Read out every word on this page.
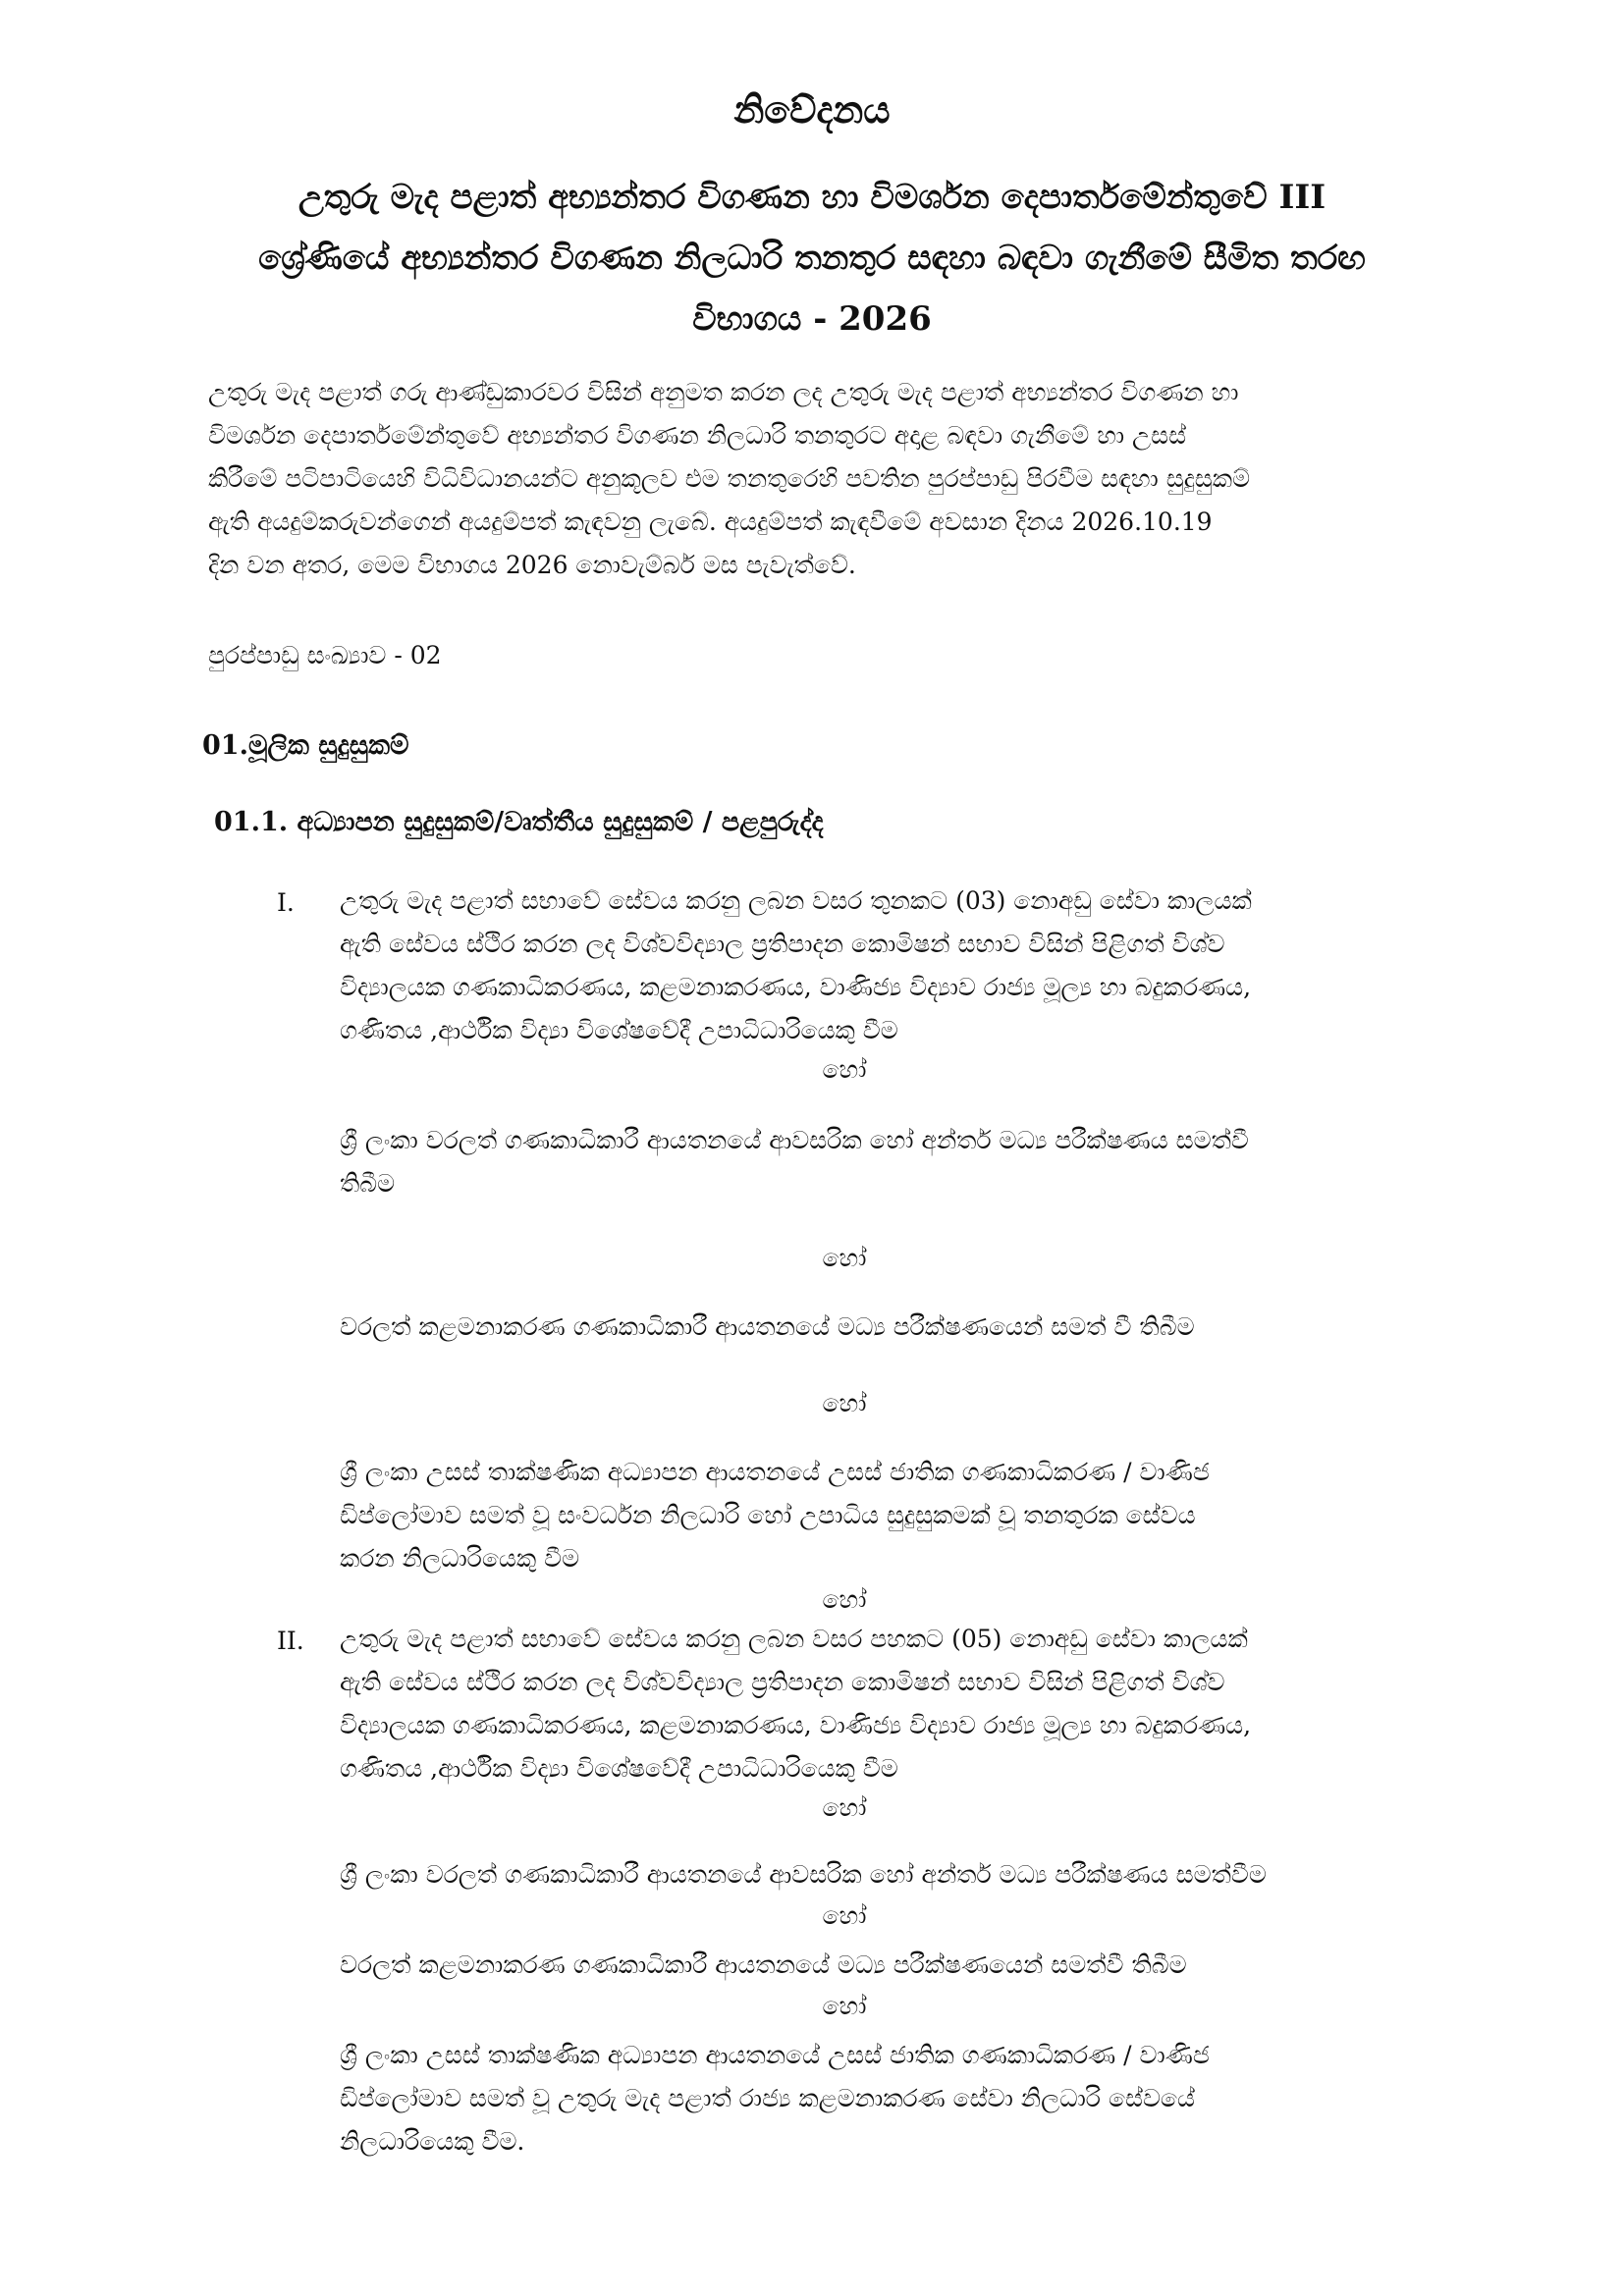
නිවේදනය
උතුරු මැද පළාත් අභ්‍යන්තර විගණන හා විමර්ශන දෙපාර්තමේන්තුවේ III
ශ්‍රේණියේ අභ්‍යන්තර විගණන නිලධාරි තනතුර සඳහා බඳවා ගැනීමේ සීමිත තරඟ
විභාගය - 2026
උතුරු මැද පළාත් ගරු ආණ්ඩුකාරවර විසින් අනුමත කරන ලද උතුරු මැද පළාත් අභ්‍යන්තර විගණන හා
විමර්ශන දෙපාර්තමේන්තුවේ අභ්‍යන්තර විගණන නිලධාරි තනතුරට අදාළ බඳවා ගැනීමේ හා උසස්
කිරීමේ පටිපාටියෙහි විධිවිධානයන්ට අනුකූලව එම තනතුරෙහි පවතින පුරප්පාඩු පිරවීම සඳහා සුදුසුකම්
ඇති අයදුම්කරුවන්ගෙන් අයදුම්පත් කැඳවනු ලැබේ. අයදුම්පත් කැඳවීමේ අවසාන දිනය 2026.10.19
දින වන අතර, මෙම විභාගය 2026 නොවැම්බර් මස පැවැත්වේ.
පුරප්පාඩු සංඛ්‍යාව - 02
01.මූලික සුදුසුකම්
01.1. අධ්‍යාපන සුදුසුකම්/වෘත්තීය සුදුසුකම් / පළපුරුද්ද
I. උතුරු මැද පළාත් සභාවේ සේවය කරනු ලබන වසර තුනකට (03) නොඅඩු සේවා කාලයක්
ඇති සේවය ස්ථිර කරන ලද විශ්වවිද්‍යාල ප්‍රතිපාදන කොමිෂන් සභාව විසින් පිළිගත් විශ්ව
විද්‍යාලයක ගණකාධිකරණය, කළමනාකරණය, වාණිජ්‍ය විද්‍යාව රාජ්‍ය මූල්‍ය හා බදුකරණය,
ගණිතය ,ආර්ථික විද්‍යා විශේෂවේදී උපාධිධාරියෙකු වීම
හෝ
ශ්‍රී ලංකා වරලත් ගණකාධිකාරී ආයතනයේ ආවසරික හෝ අන්තර් මධ්‍ය පරීක්ෂණය සමත්වී
තිබීම
හෝ
වරලත් කළමනාකරණ ගණකාධිකාරී ආයතනයේ මධ්‍ය පරීක්ෂණයෙන් සමත් වී තිබීම
හෝ
ශ්‍රී ලංකා උසස් තාක්ෂණික අධ්‍යාපන ආයතනයේ උසස් ජාතික ගණකාධිකරණ / වාණිජ
ඩිප්ලෝමාව සමත් වූ සංවර්ධන නිලධාරි හෝ උපාධිය සුදුසුකමක් වූ තනතුරක සේවය
කරන නිලධාරියෙකු වීම
හෝ
II. උතුරු මැද පළාත් සභාවේ සේවය කරනු ලබන වසර පහකට (05) නොඅඩු සේවා කාලයක්
ඇති සේවය ස්ථිර කරන ලද විශ්වවිද්‍යාල ප්‍රතිපාදන කොමිෂන් සභාව විසින් පිළිගත් විශ්ව
විද්‍යාලයක ගණකාධිකරණය, කළමනාකරණය, වාණිජ්‍ය විද්‍යාව රාජ්‍ය මූල්‍ය හා බදුකරණය,
ගණිතය ,ආර්ථික විද්‍යා විශේෂවේදී උපාධිධාරියෙකු වීම
හෝ
ශ්‍රී ලංකා වරලත් ගණකාධිකාරී ආයතනයේ ආවසරික හෝ අන්තර් මධ්‍ය පරීක්ෂණය සමත්වීම
හෝ
වරලත් කළමනාකරණ ගණකාධිකාරී ආයතනයේ මධ්‍ය පරීක්ෂණයෙන් සමත්වී තිබීම
හෝ
ශ්‍රී ලංකා උසස් තාක්ෂණික අධ්‍යාපන ආයතනයේ උසස් ජාතික ගණකාධිකරණ / වාණිජ
ඩිප්ලෝමාව සමත් වූ උතුරු මැද පළාත් රාජ්‍ය කළමනාකරණ සේවා නිලධාරි සේවයේ
නිලධාරියෙකු වීම.
